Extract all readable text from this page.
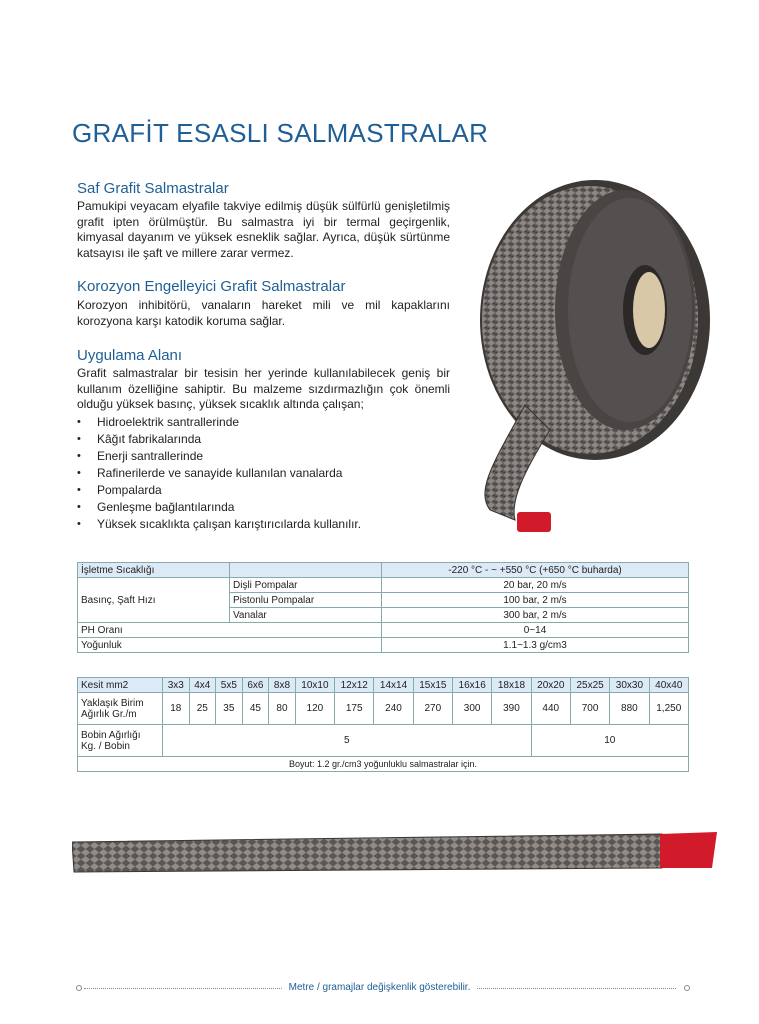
GRAFİT ESASLI SALMASTRALAR
Saf Grafit Salmastralar
Pamukipi veyacam elyafile takviye edilmiş düşük sülfürlü genişletilmiş grafit ipten örülmüştür. Bu salmastra iyi bir termal geçirgenlik, kimyasal dayanım ve yüksek esneklik sağlar. Ayrıca, düşük sürtünme katsayısı ile şaft ve millere zarar vermez.
Korozyon Engelleyici Grafit Salmastralar
Korozyon inhibitörü, vanaların hareket mili ve mil kapaklarını korozyona karşı katodik koruma sağlar.
Uygulama Alanı
Grafit salmastralar bir tesisin her yerinde kullanılabilecek geniş bir kullanım özelliğine sahiptir. Bu malzeme sızdırmazlığın çok önemli olduğu yüksek basınç, yüksek sıcaklık altında çalışan;
• Hidroelektrik santrallerinde
• Kâğıt fabrikalarında
• Enerji santrallerinde
• Rafinerilerde ve sanayide kullanılan vanalarda
• Pompalarda
• Genleşme bağlantılarında
• Yüksek sıcaklıkta çalışan karıştırıcılarda kullanılır.
İşletme Sıcaklığı		-220 °C - ~ +550 °C (+650 °C buharda)
Basınç, Şaft Hızı	Dişli Pompalar	20 bar, 20 m/s
	Pistonlu Pompalar	100 bar, 2 m/s
	Vanalar	300 bar, 2 m/s
PH Oranı		0~14
Yoğunluk		1.1~1.3 g/cm3
Kesit mm2	3x3	4x4	5x5	6x6	8x8	10x10	12x12	14x14	15x15	16x16	18x18	20x20	25x25	30x30	40x40
Yaklaşık Birim
Ağırlık Gr./m	18	25	35	45	80	120	175	240	270	300	390	440	700	880	1,250
Bobin Ağırlığı
Kg. / Bobin	5											10			
Boyut: 1.2 gr./cm3 yoğunluklu salmastralar için.															
Metre / gramajlar değişkenlik gösterebilir.
